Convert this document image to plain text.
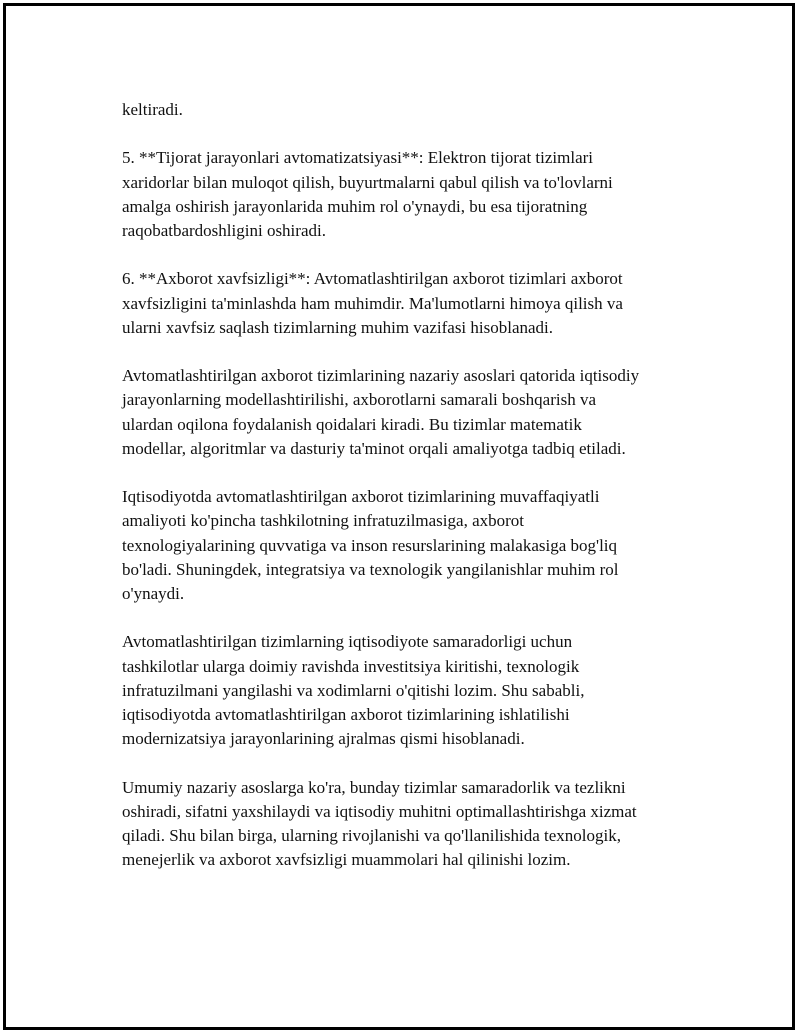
keltiradi.

5. **Tijorat jarayonlari avtomatizatsiyasi**: Elektron tijorat tizimlari
xaridorlar bilan muloqot qilish, buyurtmalarni qabul qilish va to'lovlarni
amalga oshirish jarayonlarida muhim rol o'ynaydi, bu esa tijoratning
raqobatbardoshligini oshiradi.

6. **Axborot xavfsizligi**: Avtomatlashtirilgan axborot tizimlari axborot
xavfsizligini ta'minlashda ham muhimdir. Ma'lumotlarni himoya qilish va
ularni xavfsiz saqlash tizimlarning muhim vazifasi hisoblanadi.

Avtomatlashtirilgan axborot tizimlarining nazariy asoslari qatorida iqtisodiy
jarayonlarning modellashtirilishi, axborotlarni samarali boshqarish va
ulardan oqilona foydalanish qoidalari kiradi. Bu tizimlar matematik
modellar, algoritmlar va dasturiy ta'minot orqali amaliyotga tadbiq etiladi.

Iqtisodiyotda avtomatlashtirilgan axborot tizimlarining muvaffaqiyatli
amaliyoti ko'pincha tashkilotning infratuzilmasiga, axborot
texnologiyalarining quvvatiga va inson resurslarining malakasiga bog'liq
bo'ladi. Shuningdek, integratsiya va texnologik yangilanishlar muhim rol
o'ynaydi.

Avtomatlashtirilgan tizimlarning iqtisodiyote samaradorligi uchun
tashkilotlar ularga doimiy ravishda investitsiya kiritishi, texnologik
infratuzilmani yangilashi va xodimlarni o'qitishi lozim. Shu sababli,
iqtisodiyotda avtomatlashtirilgan axborot tizimlarining ishlatilishi
modernizatsiya jarayonlarining ajralmas qismi hisoblanadi.

Umumiy nazariy asoslarga ko'ra, bunday tizimlar samaradorlik va tezlikni
oshiradi, sifatni yaxshilaydi va iqtisodiy muhitni optimallashtirishga xizmat
qiladi. Shu bilan birga, ularning rivojlanishi va qo'llanilishida texnologik,
menejerlik va axborot xavfsizligi muammolari hal qilinishi lozim.
